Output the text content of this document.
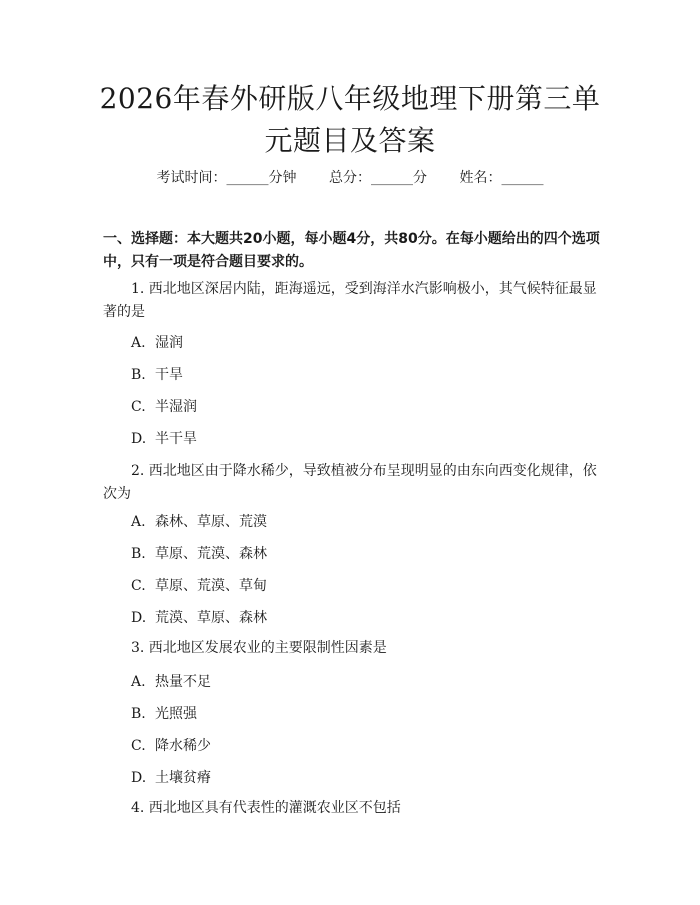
2026年春外研版八年级地理下册第三单元题目及答案
考试时间：______分钟 总分：______分 姓名：______

一、选择题：本大题共20小题，每小题4分，共80分。在每小题给出的四个选项中，只有一项是符合题目要求的。

1. 西北地区深居内陆，距海遥远，受到海洋水汽影响极小，其气候特征最显著的是

A. 湿润
B. 干旱
C. 半湿润
D. 半干旱

2. 西北地区由于降水稀少，导致植被分布呈现明显的由东向西变化规律，依次为

A. 森林、草原、荒漠
B. 草原、荒漠、森林
C. 草原、荒漠、草甸
D. 荒漠、草原、森林

3. 西北地区发展农业的主要限制性因素是

A. 热量不足
B. 光照强
C. 降水稀少
D. 土壤贫瘠

4. 西北地区具有代表性的灌溉农业区不包括
